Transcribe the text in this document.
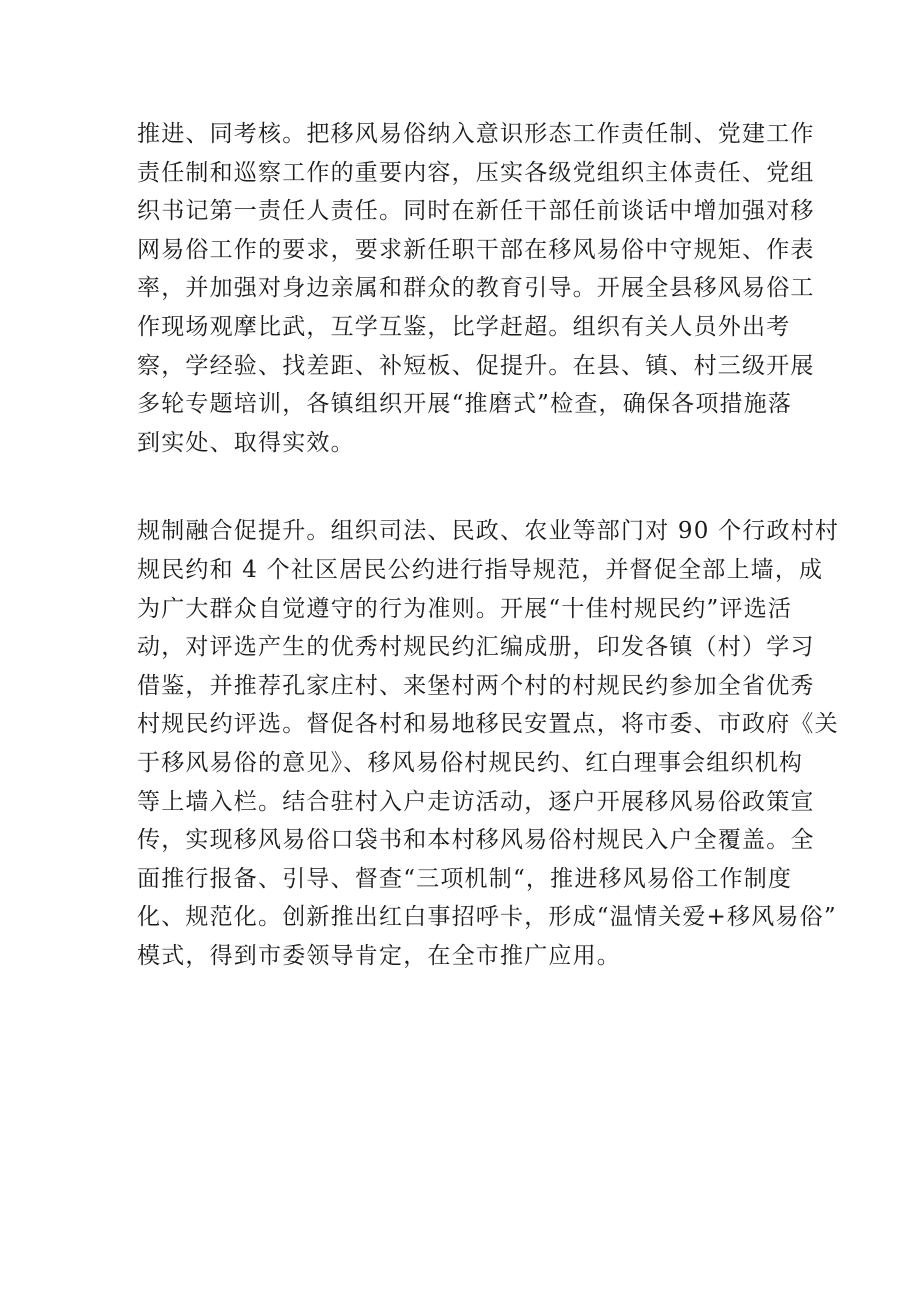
推进、同考核。把移风易俗纳入意识形态工作责任制、党建工作
责任制和巡察工作的重要内容，压实各级党组织主体责任、党组
织书记第一责任人责任。同时在新任干部任前谈话中增加强对移
网易俗工作的要求，要求新任职干部在移风易俗中守规矩、作表
率，并加强对身边亲属和群众的教育引导。开展全县移风易俗工
作现场观摩比武，互学互鉴，比学赶超。组织有关人员外出考
察，学经验、找差距、补短板、促提升。在县、镇、村三级开展
多轮专题培训，各镇组织开展“推磨式”检查，确保各项措施落
到实处、取得实效。
规制融合促提升。组织司法、民政、农业等部门对 90 个行政村村
规民约和 4 个社区居民公约进行指导规范，并督促全部上墙，成
为广大群众自觉遵守的行为准则。开展“十佳村规民约”评选活
动，对评选产生的优秀村规民约汇编成册，印发各镇（村）学习
借鉴，并推荐孔家庄村、来堡村两个村的村规民约参加全省优秀
村规民约评选。督促各村和易地移民安置点，将市委、市政府《关
于移风易俗的意见》、移风易俗村规民约、红白理事会组织机构
等上墙入栏。结合驻村入户走访活动，逐户开展移风易俗政策宣
传，实现移风易俗口袋书和本村移风易俗村规民入户全覆盖。全
面推行报备、引导、督查“三项机制“，推进移风易俗工作制度
化、规范化。创新推出红白事招呼卡，形成“温情关爱+移风易俗”
模式，得到市委领导肯定，在全市推广应用。
